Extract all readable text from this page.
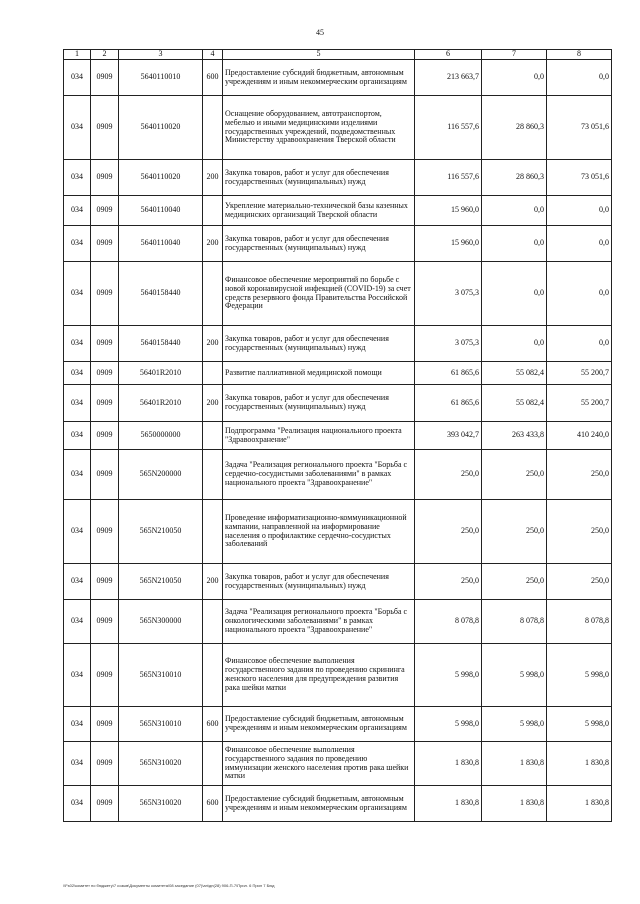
45
1	2	3	4	5	6	7	8
034	0909	5640110010	600	Предоставление субсидий бюджетным, автономным учреждениям и иным некоммерческим организациям	213 663,7	0,0	0,0
034	0909	5640110020		Оснащение оборудованием, автотранспортом, мебелью и иными медицинскими изделиями государственных учреждений, подведомственных Министерству здравоохранения Тверской области	116 557,6	28 860,3	73 051,6
034	0909	5640110020	200	Закупка товаров, работ и услуг для обеспечения государственных (муниципальных) нужд	116 557,6	28 860,3	73 051,6
034	0909	5640110040		Укрепление материально-технической базы казенных медицинских организаций Тверской области	15 960,0	0,0	0,0
034	0909	5640110040	200	Закупка товаров, работ и услуг для обеспечения государственных (муниципальных) нужд	15 960,0	0,0	0,0
034	0909	5640158440		Финансовое обеспечение мероприятий по борьбе с новой коронавирусной инфекцией (COVID-19) за счет средств резервного фонда Правительства Российской Федерации	3 075,3	0,0	0,0
034	0909	5640158440	200	Закупка товаров, работ и услуг для обеспечения государственных (муниципальных) нужд	3 075,3	0,0	0,0
034	0909	56401R2010		Развитие паллиативной медицинской помощи	61 865,6	55 082,4	55 200,7
034	0909	56401R2010	200	Закупка товаров, работ и услуг для обеспечения государственных (муниципальных) нужд	61 865,6	55 082,4	55 200,7
034	0909	5650000000		Подпрограмма "Реализация национального проекта "Здравоохранение"	393 042,7	263 433,8	410 240,0
034	0909	565N200000		Задача "Реализация регионального проекта "Борьба с сердечно-сосудистыми заболеваниями" в рамках национального проекта "Здравоохранение"	250,0	250,0	250,0
034	0909	565N210050		Проведение информатизационно-коммуникационной кампании, направленной на информирование населения о профилактике сердечно-сосудистых заболеваний	250,0	250,0	250,0
034	0909	565N210050	200	Закупка товаров, работ и услуг для обеспечения государственных (муниципальных) нужд	250,0	250,0	250,0
034	0909	565N300000		Задача "Реализация регионального проекта "Борьба с онкологическими заболеваниями" в рамках национального проекта "Здравоохранение"	8 078,8	8 078,8	8 078,8
034	0909	565N310010		Финансовое обеспечение выполнения государственного задания по проведению скрининга женского населения для предупреждения развития рака шейки матки	5 998,0	5 998,0	5 998,0
034	0909	565N310010	600	Предоставление субсидий бюджетным, автономным учреждениям и иным некоммерческим организациям	5 998,0	5 998,0	5 998,0
034	0909	565N310020		Финансовое обеспечение выполнения государственного задания по проведению иммунизации женского населения против рака шейки матки	1 830,8	1 830,8	1 830,8
034	0909	565N310020	600	Предоставление субсидий бюджетным, автономным учреждениям и иным некоммерческим организациям	1 830,8	1 830,8	1 830,8
\\Fs02\комитет по бюджету\7 созыв\Документы комитета\08 заседание (07)\ап\дн(28) 906-П-7\Прил. 6 Прил 7 Бюд
